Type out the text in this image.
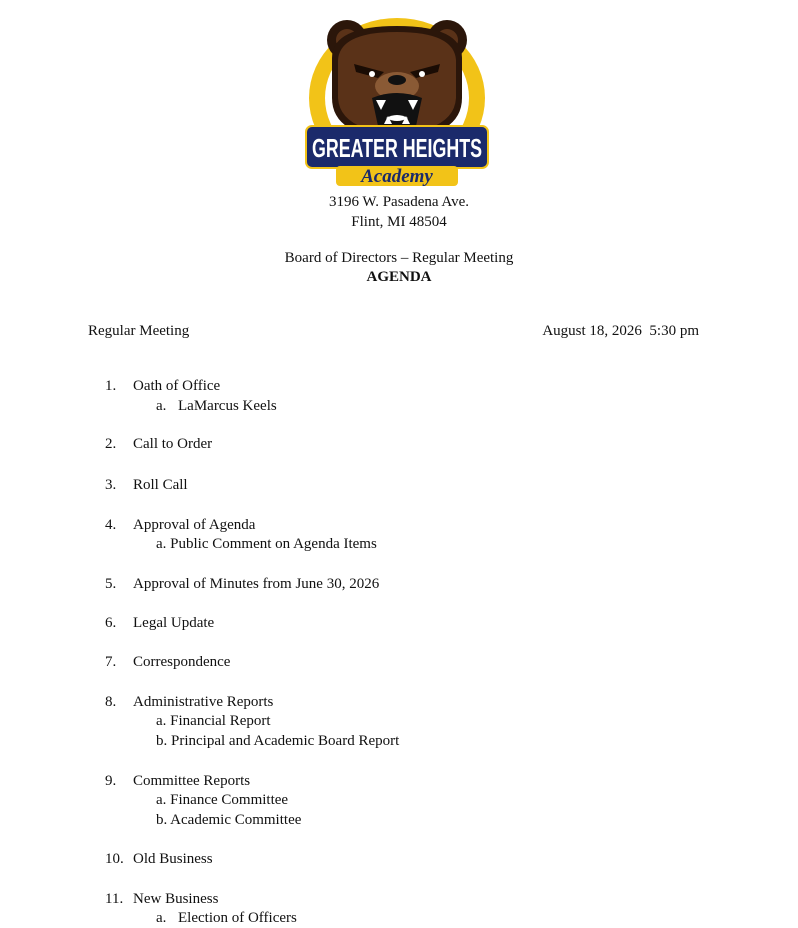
GREATER HEIGHTS
Academy
3196 W. Pasadena Ave.
Flint, MI 48504
Board of Directors – Regular Meeting
AGENDA
Regular Meeting	August 18, 2026  5:30 pm
1.	Oath of Office
a. LaMarcus Keels
2.	Call to Order
3.	Roll Call
4.	Approval of Agenda
a. Public Comment on Agenda Items
5.	Approval of Minutes from June 30, 2026
6.	Legal Update
7.	Correspondence
8.	Administrative Reports
a. Financial Report
b. Principal and Academic Board Report
9.	Committee Reports
a. Finance Committee
b. Academic Committee
10. Old Business
11. New Business
a. Election of Officers
